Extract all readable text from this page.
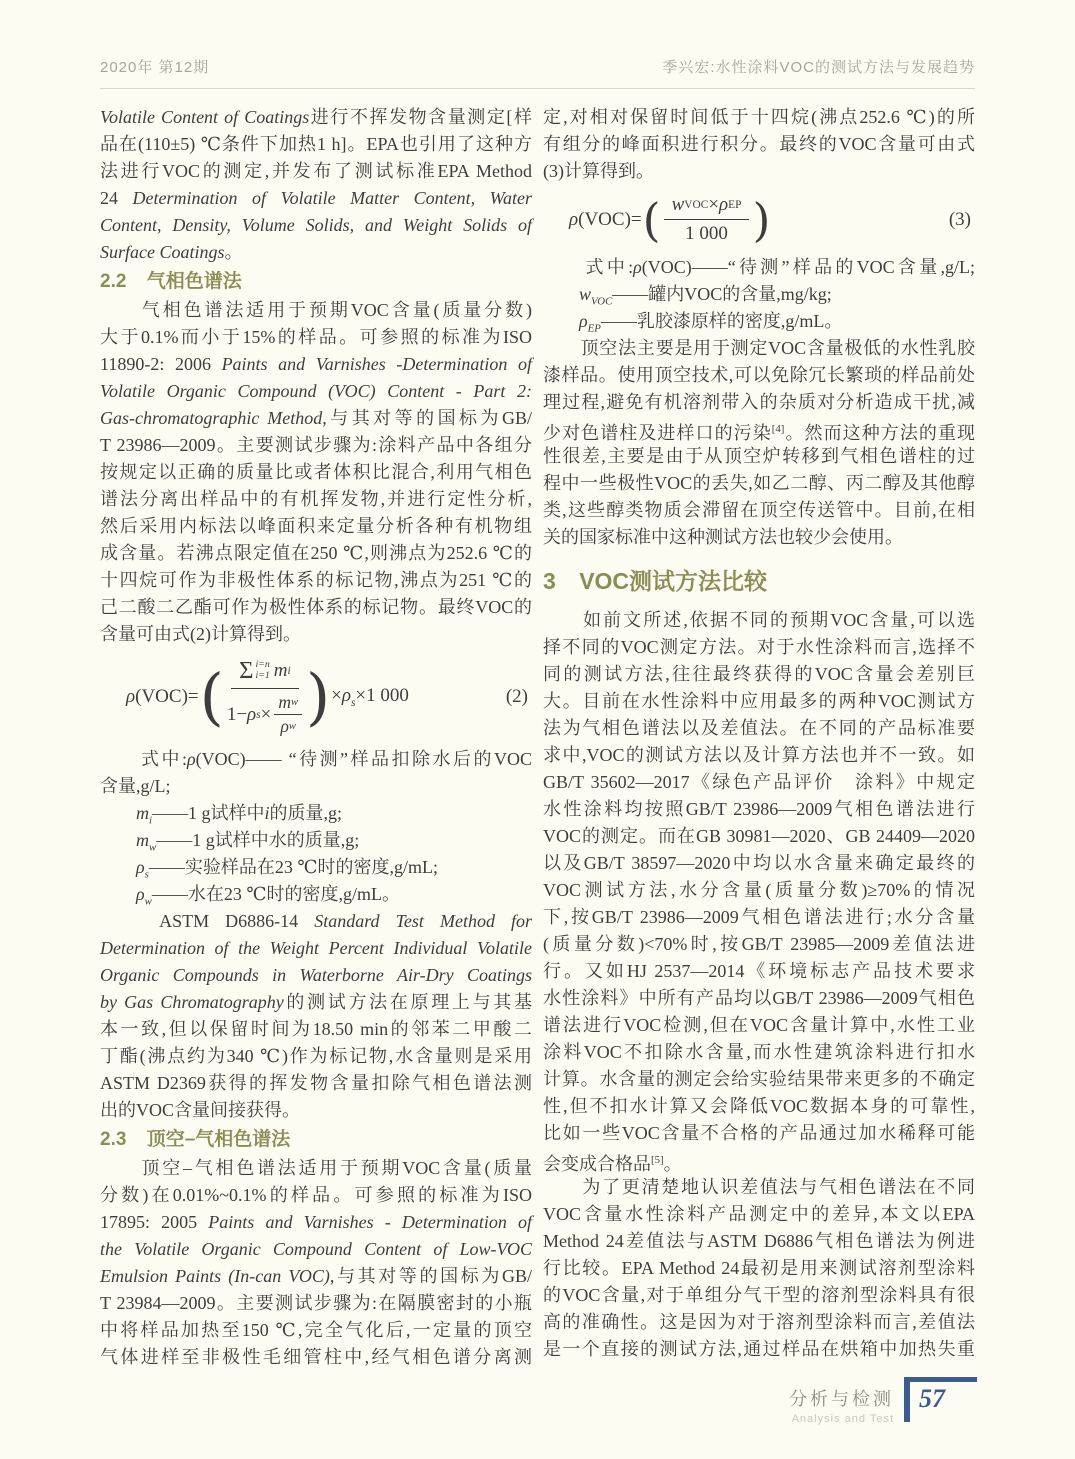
2020年 第12期	季兴宏:水性涂料VOC的测试方法与发展趋势
Volatile Content of Coatings进行不挥发物含量测定[样
品在(110±5) ℃条件下加热1 h]。EPA也引用了这种方
法进行VOC的测定,并发布了测试标准EPA Method
24 Determination of Volatile Matter Content, Water
Content, Density, Volume Solids, and Weight Solids of
Surface Coatings。
2.2 气相色谱法
　　气相色谱法适用于预期VOC含量(质量分数)
大于0.1%而小于15%的样品。可参照的标准为ISO
11890-2: 2006 Paints and Varnishes -Determination of
Volatile Organic Compound (VOC) Content - Part 2:
Gas-chromatographic Method,与其对等的国标为GB/
T 23986—2009。主要测试步骤为:涂料产品中各组分
按规定以正确的质量比或者体积比混合,利用气相色
谱法分离出样品中的有机挥发物,并进行定性分析,
然后采用内标法以峰面积来定量分析各种有机物组
成含量。若沸点限定值在250 ℃,则沸点为252.6 ℃的
十四烷可作为非极性体系的标记物,沸点为251 ℃的
己二酸二乙酯可作为极性体系的标记物。最终VOC的
含量可由式(2)计算得到。
ρ(VOC)= ( Σ i=n
i=1 m i
1− ρ $s \times \frac{\text{m w}}{\text{ρ w}}$ ) $\times\rho_s\times 1$ 000	(2)
　　式中:ρ(VOC)—— “待测”样品扣除水后的VOC
含量,g/L;
　　$m_i——1$ g试样中i的质量,g;
　　$m_w——1$ g试样中水的质量,g;
　　$\rho_s——$实验样品在23 ℃时的密度,g/mL;
　　$\rho_w——$水在23 ℃时的密度,g/mL。
　　ASTM D6886-14 Standard Test Method for
Determination of the Weight Percent Individual Volatile
Organic Compounds in Waterborne Air-Dry Coatings
by Gas Chromatography的测试方法在原理上与其基
本一致,但以保留时间为18.50 min的邻苯二甲酸二
丁酯(沸点约为340 ℃)作为标记物,水含量则是采用
ASTM D2369获得的挥发物含量扣除气相色谱法测
出的VOC含量间接获得。
2.3 顶空–气相色谱法
　　顶空–气相色谱法适用于预期VOC含量(质量
分数)在0.01%~0.1%的样品。可参照的标准为ISO
17895: 2005 Paints and Varnishes - Determination of
the Volatile Organic Compound Content of Low-VOC
Emulsion Paints (In-can VOC),与其对等的国标为GB/
T 23984—2009。主要测试步骤为:在隔膜密封的小瓶
中将样品加热至150 ℃,完全气化后,一定量的顶空
气体进样至非极性毛细管柱中,经气相色谱分离测
定,对相对保留时间低于十四烷(沸点252.6 ℃)的所
有组分的峰面积进行积分。最终的VOC含量可由式
(3)计算得到。
ρ(VOC)= ( $\frac{\text{w VOC × ρ EP}}{1 000}$ )	(3)
　　式中:ρ(VOC)——“待测”样品的VOC含量,g/L;
　　$w_{VOC}——$罐内VOC的含量,mg/kg;
　　$\rho_{EP}——$乳胶漆原样的密度,g/mL。
　　顶空法主要是用于测定VOC含量极低的水性乳胶
漆样品。使用顶空技术,可以免除冗长繁琐的样品前处
理过程,避免有机溶剂带入的杂质对分析造成干扰,减
少对色谱柱及进样口的污染[4]。然而这种方法的重现
性很差,主要是由于从顶空炉转移到气相色谱柱的过
程中一些极性VOC的丢失,如乙二醇、丙二醇及其他醇
类,这些醇类物质会滞留在顶空传送管中。目前,在相
关的国家标准中这种测试方法也较少会使用。
3 VOC测试方法比较
　　如前文所述,依据不同的预期VOC含量,可以选
择不同的VOC测定方法。对于水性涂料而言,选择不
同的测试方法,往往最终获得的VOC含量会差别巨
大。目前在水性涂料中应用最多的两种VOC测试方
法为气相色谱法以及差值法。在不同的产品标准要
求中,VOC的测试方法以及计算方法也并不一致。如
GB/T 35602—2017《绿色产品评价　涂料》中规定
水性涂料均按照GB/T 23986—2009气相色谱法进行
VOC的测定。而在GB 30981—2020、GB 24409—2020
以及GB/T 38597—2020中均以水含量来确定最终的
VOC测试方法,水分含量(质量分数)≥70%的情况
下,按GB/T 23986—2009气相色谱法进行;水分含量
(质量分数)<70%时,按GB/T 23985—2009差值法进
行。又如HJ 2537—2014《环境标志产品技术要求
水性涂料》中所有产品均以GB/T 23986—2009气相色
谱法进行VOC检测,但在VOC含量计算中,水性工业
涂料VOC不扣除水含量,而水性建筑涂料进行扣水
计算。水含量的测定会给实验结果带来更多的不确定
性,但不扣水计算又会降低VOC数据本身的可靠性,
比如一些VOC含量不合格的产品通过加水稀释可能
会变成合格品[5]。
　　为了更清楚地认识差值法与气相色谱法在不同
VOC含量水性涂料产品测定中的差异,本文以EPA
Method 24差值法与ASTM D6886气相色谱法为例进
行比较。EPA Method 24最初是用来测试溶剂型涂料
的VOC含量,对于单组分气干型的溶剂型涂料具有很
高的准确性。这是因为对于溶剂型涂料而言,差值法
是一个直接的测试方法,通过样品在烘箱中加热失重
分析与检测
Analysis and Test
57
